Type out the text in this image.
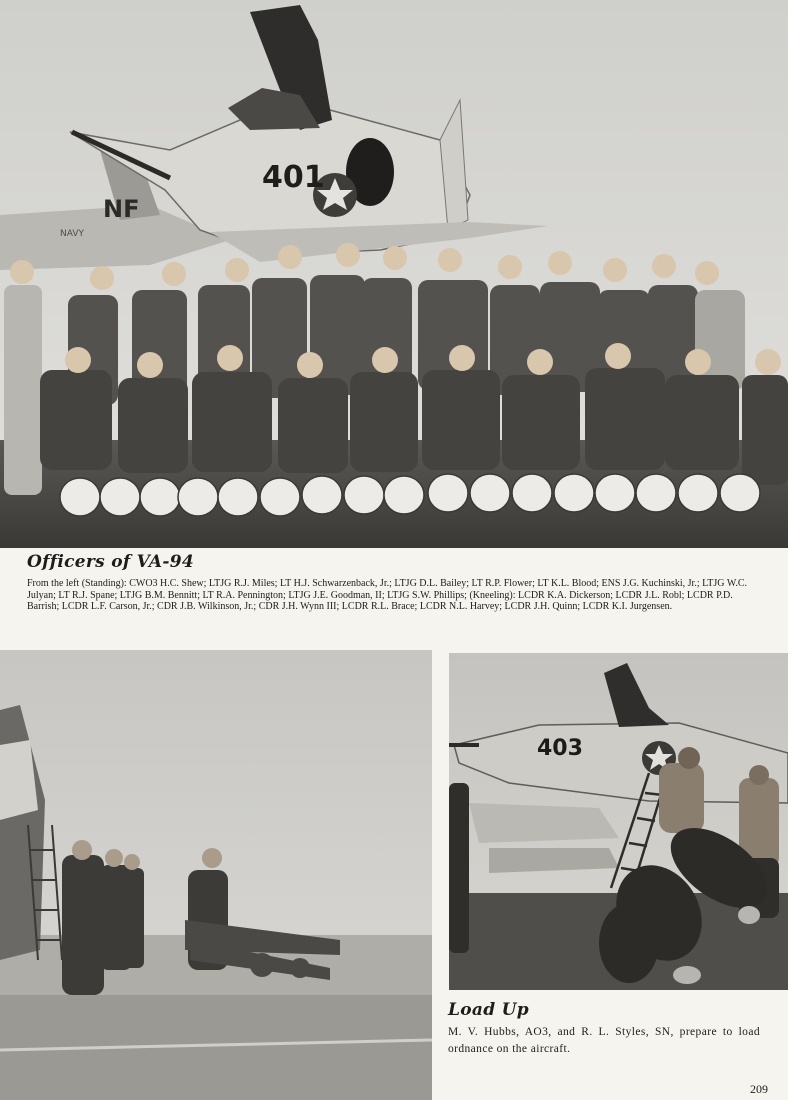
401
NF
NAVY
Officers of VA-94

From the left (Standing): CWO3 H.C. Shew; LTJG R.J. Miles; LT H.J. Schwarzenback, Jr.; LTJG D.L. Bailey; LT R.P. Flower; LT K.L. Blood; ENS J.G. Kuchinski, Jr.; LTJG W.C. Julyan; LT R.J. Spane; LTJG B.M. Bennitt; LT R.A. Pennington; LTJG J.E. Goodman, II; LTJG S.W. Phillips; (Kneeling): LCDR K.A. Dickerson; LCDR J.L. Robl; LCDR P.D. Barrish; LCDR L.F. Carson, Jr.; CDR J.B. Wilkinson, Jr.; CDR J.H. Wynn III; LCDR R.L. Brace; LCDR N.L. Harvey; LCDR J.H. Quinn; LCDR K.I. Jurgensen.

403
Load Up

M. V. Hubbs, AO3, and R. L. Styles, SN, prepare to load ordnance on the aircraft.

209
